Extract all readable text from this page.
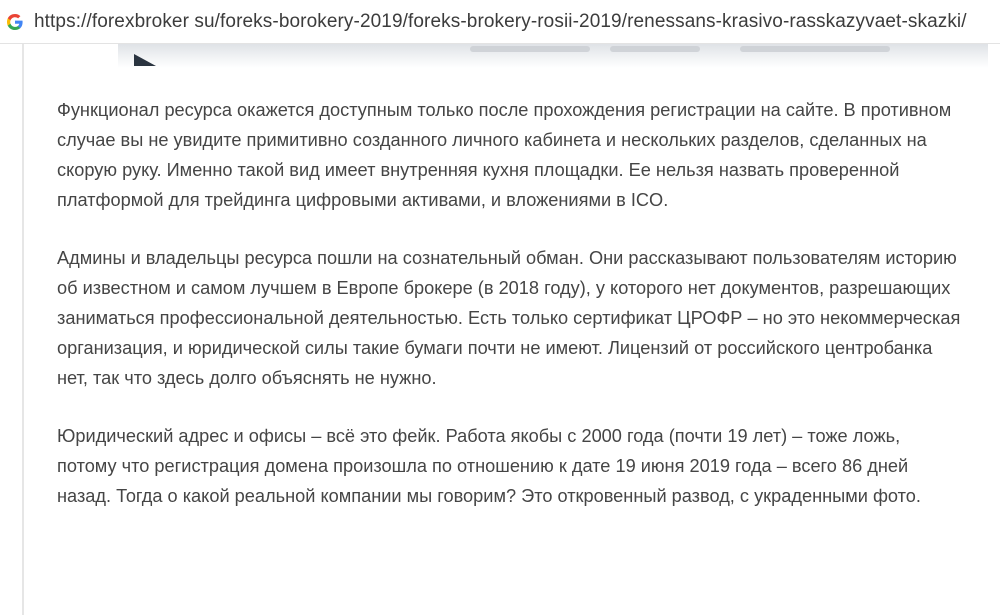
https://forexbroker su/foreks-borokery-2019/foreks-brokery-rosii-2019/renessans-krasivo-rasskazyvaet-skazki/

Функционал ресурса окажется доступным только после прохождения регистрации на сайте. В противном случае вы не увидите примитивно созданного личного кабинета и нескольких разделов, сделанных на скорую руку. Именно такой вид имеет внутренняя кухня площадки. Ее нельзя назвать проверенной платформой для трейдинга цифровыми активами, и вложениями в ICO.

Админы и владельцы ресурса пошли на сознательный обман. Они рассказывают пользователям историю об известном и самом лучшем в Европе брокере (в 2018 году), у которого нет документов, разрешающих заниматься профессиональной деятельностью. Есть только сертификат ЦРОФР – но это некоммерческая организация, и юридической силы такие бумаги почти не имеют. Лицензий от российского центробанка нет, так что здесь долго объяснять не нужно.

Юридический адрес и офисы – всё это фейк. Работа якобы с 2000 года (почти 19 лет) – тоже ложь, потому что регистрация домена произошла по отношению к дате 19 июня 2019 года – всего 86 дней назад. Тогда о какой реальной компании мы говорим? Это откровенный развод, с украденными фото.
